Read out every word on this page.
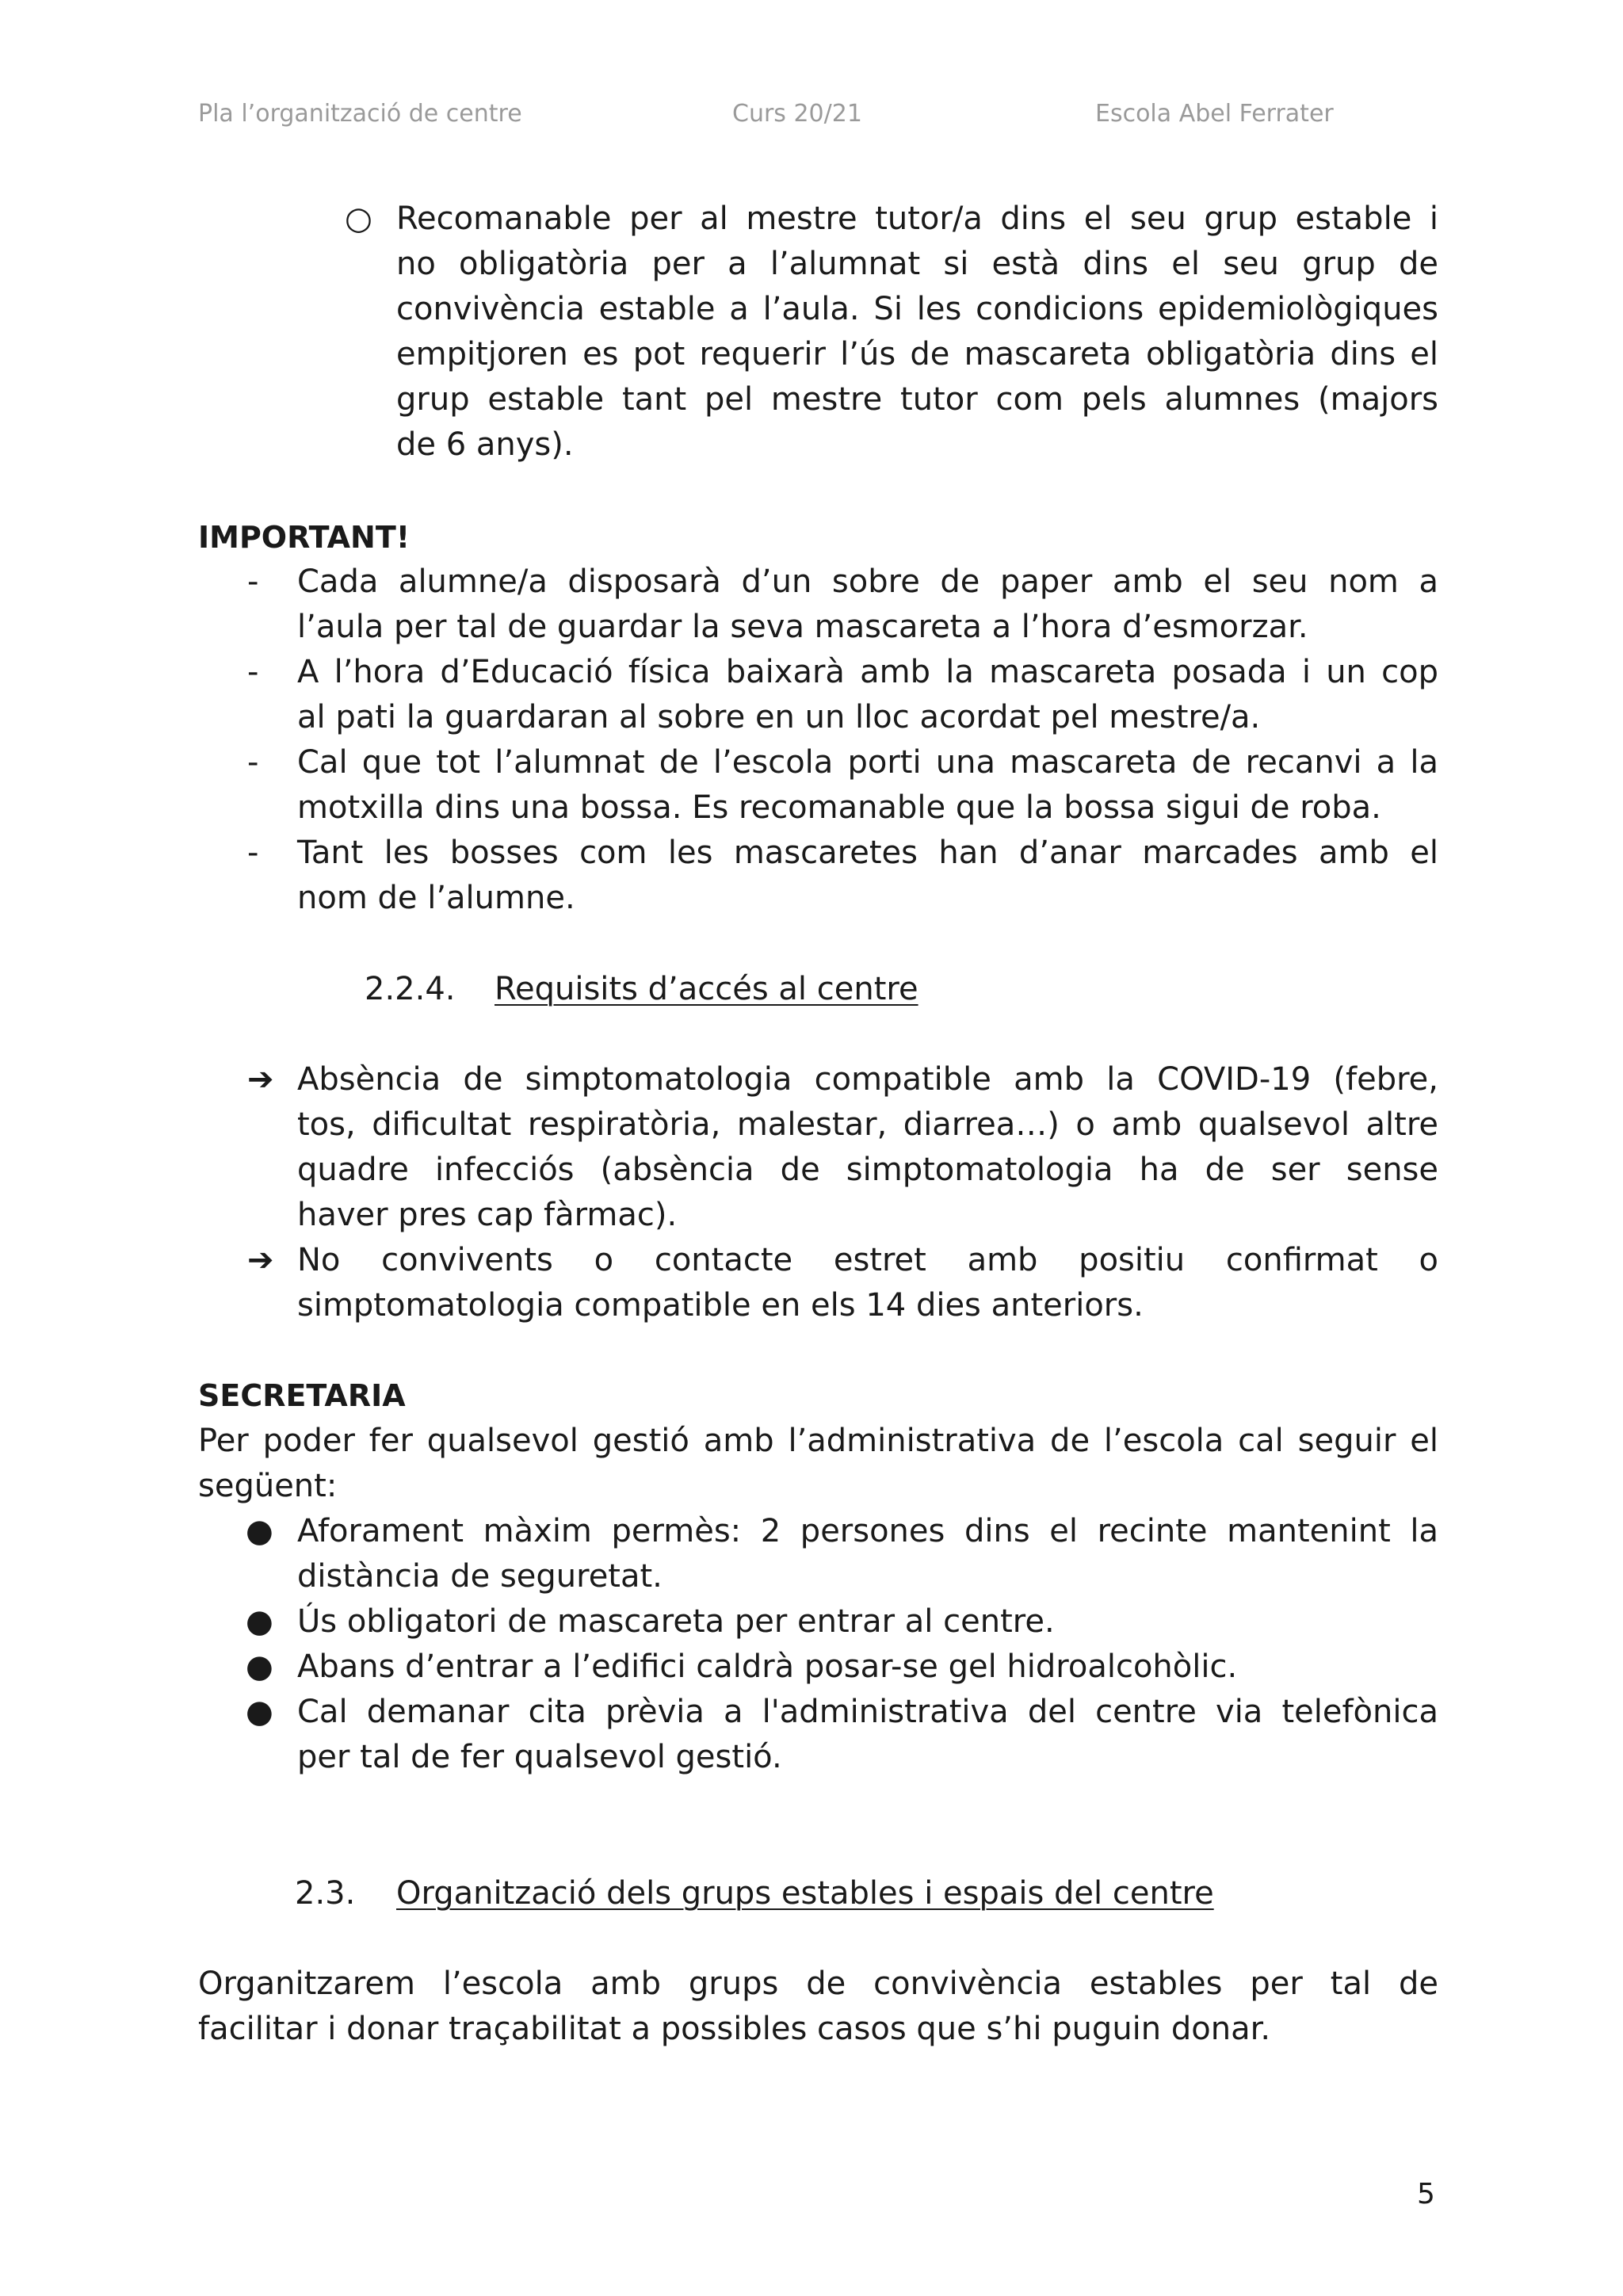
Pla l’organització de centre	Curs 20/21	Escola Abel Ferrater
○ Recomanable per al mestre tutor/a dins el seu grup estable i
no obligatòria per a l’alumnat si està dins el seu grup de
convivència estable a l’aula. Si les condicions epidemiològiques
empitjoren es pot requerir l’ús de mascareta obligatòria dins el
grup estable tant pel mestre tutor com pels alumnes (majors
de 6 anys).
IMPORTANT!
- Cada alumne/a disposarà d’un sobre de paper amb el seu nom a
l’aula per tal de guardar la seva mascareta a l’hora d’esmorzar.
- A l’hora d’Educació física baixarà amb la mascareta posada i un cop
al pati la guardaran al sobre en un lloc acordat pel mestre/a.
- Cal que tot l’alumnat de l’escola porti una mascareta de recanvi a la
motxilla dins una bossa. Es recomanable que la bossa sigui de roba.
- Tant les bosses com les mascaretes han d’anar marcades amb el
nom de l’alumne.
2.2.4. Requisits d’accés al centre
➔ Absència de simptomatologia compatible amb la COVID-19 (febre,
tos, dificultat respiratòria, malestar, diarrea…) o amb qualsevol altre
quadre infecciós (absència de simptomatologia ha de ser sense
haver pres cap fàrmac).
➔ No convivents o contacte estret amb positiu confirmat o
simptomatologia compatible en els 14 dies anteriors.
SECRETARIA
Per poder fer qualsevol gestió amb l’administrativa de l’escola cal seguir el
següent:
● Aforament màxim permès: 2 persones dins el recinte mantenint la
distància de seguretat.
● Ús obligatori de mascareta per entrar al centre.
● Abans d’entrar a l’edifici caldrà posar-se gel hidroalcohòlic.
● Cal demanar cita prèvia a l'administrativa del centre via telefònica
per tal de fer qualsevol gestió.
2.3. Organització dels grups estables i espais del centre
Organitzarem l’escola amb grups de convivència estables per tal de
facilitar i donar traçabilitat a possibles casos que s’hi puguin donar.
5
